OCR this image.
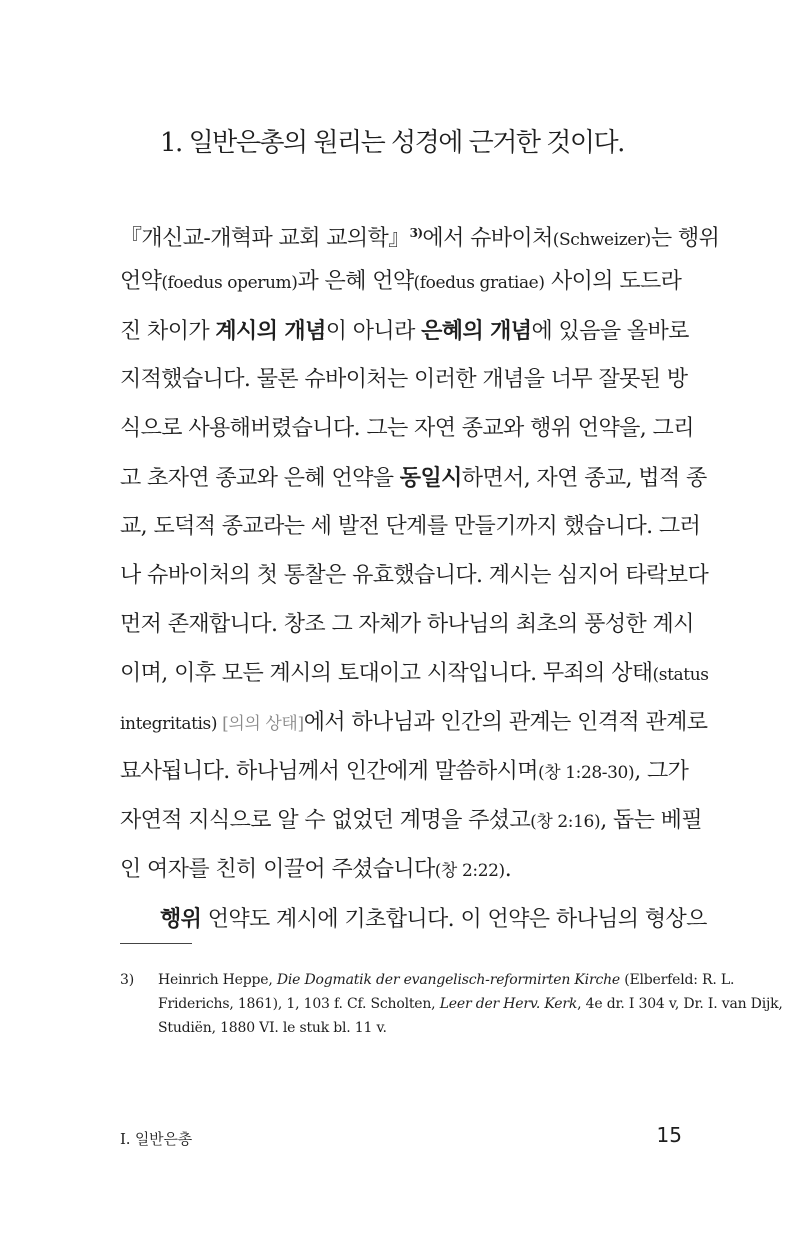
1. 일반은총의 원리는 성경에 근거한 것이다.
『개신교-개혁파 교회 교의학』$^{3)}$에서 슈바이처(Schweizer)는 행위
언약(foedus operum)과 은혜 언약(foedus gratiae) 사이의 도드라
진 차이가 계시의 개념이 아니라 은혜의 개념에 있음을 올바로
지적했습니다. 물론 슈바이처는 이러한 개념을 너무 잘못된 방
식으로 사용해버렸습니다. 그는 자연 종교와 행위 언약을, 그리
고 초자연 종교와 은혜 언약을 동일시하면서, 자연 종교, 법적 종
교, 도덕적 종교라는 세 발전 단계를 만들기까지 했습니다. 그러
나 슈바이처의 첫 통찰은 유효했습니다. 계시는 심지어 타락보다
먼저 존재합니다. 창조 그 자체가 하나님의 최초의 풍성한 계시
이며, 이후 모든 계시의 토대이고 시작입니다. 무죄의 상태(status
integritatis) [의의 상태]에서 하나님과 인간의 관계는 인격적 관계로
묘사됩니다. 하나님께서 인간에게 말씀하시며(창 1:28-30), 그가
자연적 지식으로 알 수 없었던 계명을 주셨고(창 2:16), 돕는 베필
인 여자를 친히 이끌어 주셨습니다(창 2:22).
행위 언약도 계시에 기초합니다. 이 언약은 하나님의 형상으
3) Heinrich Heppe, Die Dogmatik der evangelisch-reformirten Kirche (Elberfeld: R. L.
Friderichs, 1861), 1, 103 f. Cf. Scholten, Leer der Herv. Kerk, 4e dr. I 304 v, Dr. I. van Dijk,
Studiën, 1880 VI. le stuk bl. 11 v.
Ⅰ. 일반은총	15
